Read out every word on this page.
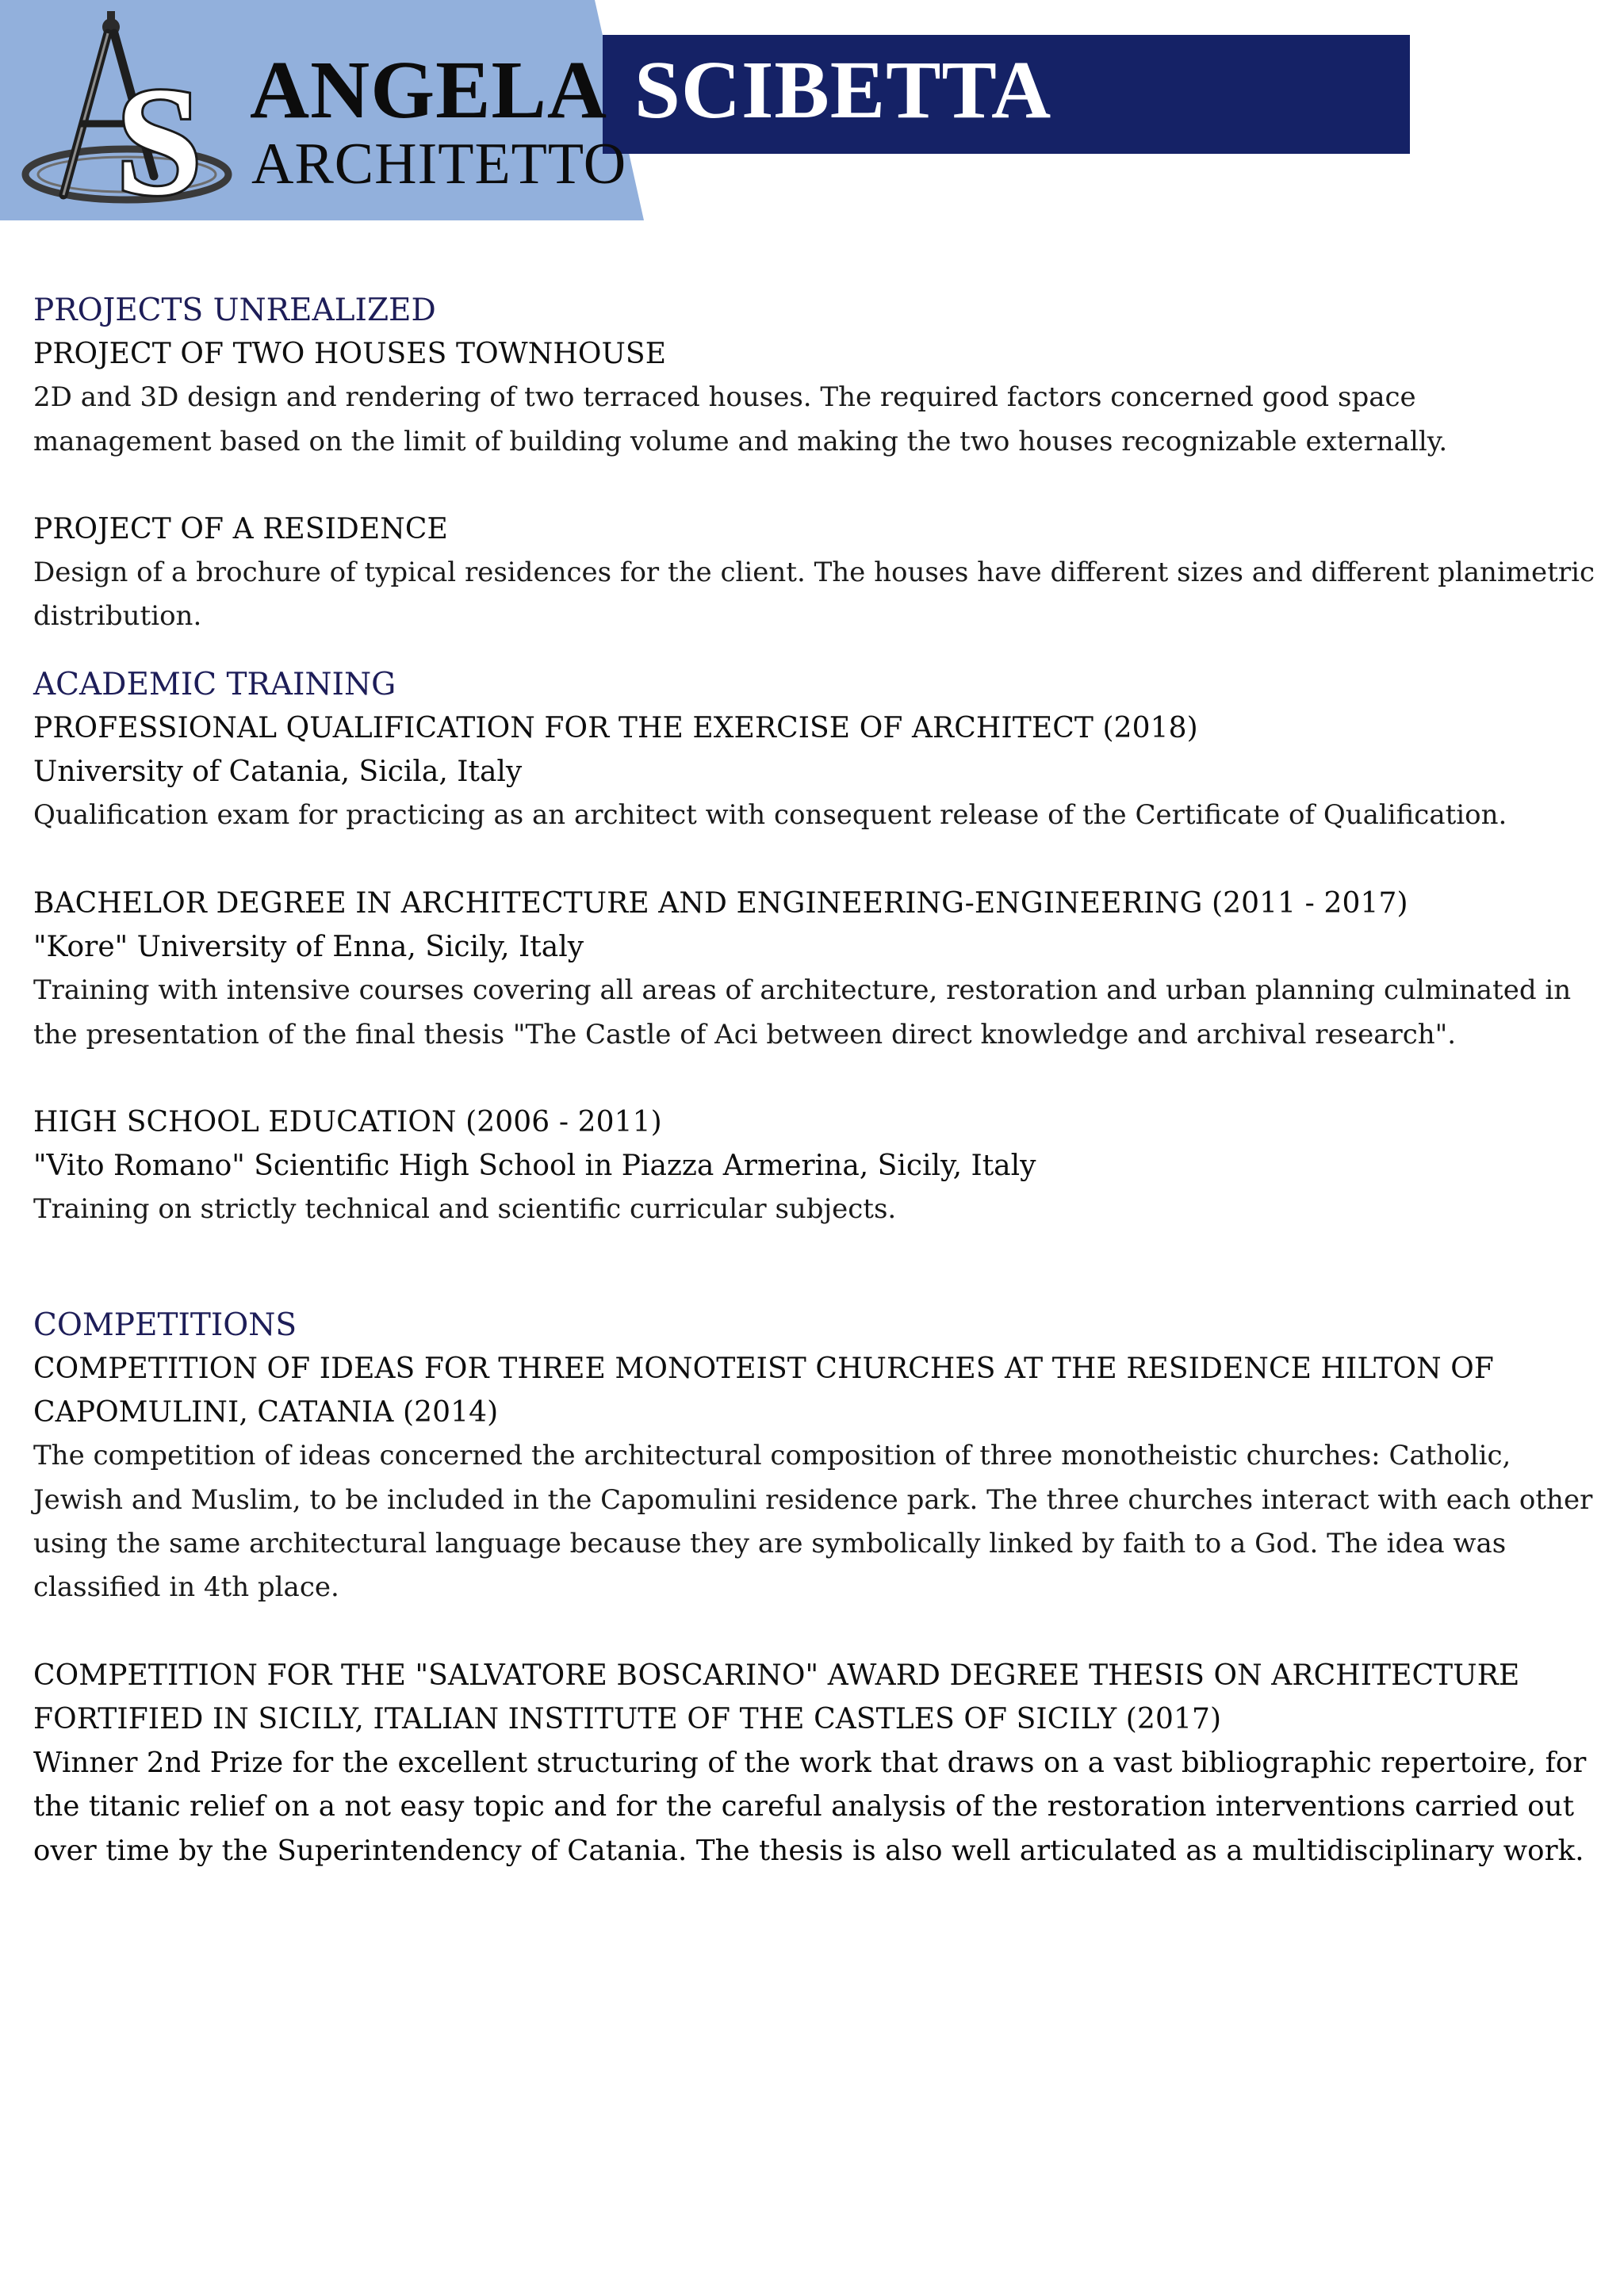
S ANGELA SCIBETTA
ARCHITETTO
PROJECTS UNREALIZED

PROJECT OF TWO HOUSES TOWNHOUSE

2D and 3D design and rendering of two terraced houses. The required factors concerned good space management based on the limit of building volume and making the two houses recognizable externally.

PROJECT OF A RESIDENCE

Design of a brochure of typical residences for the client. The houses have different sizes and different planimetric distribution.

ACADEMIC TRAINING

PROFESSIONAL QUALIFICATION FOR THE EXERCISE OF ARCHITECT (2018)

University of Catania, Sicila, Italy

Qualification exam for practicing as an architect with consequent release of the Certificate of Qualification.

BACHELOR DEGREE IN ARCHITECTURE AND ENGINEERING-ENGINEERING (2011 - 2017)

"Kore" University of Enna, Sicily, Italy

Training with intensive courses covering all areas of architecture, restoration and urban planning culminated in the presentation of the final thesis "The Castle of Aci between direct knowledge and archival research".

HIGH SCHOOL EDUCATION (2006 - 2011)

"Vito Romano" Scientific High School in Piazza Armerina, Sicily, Italy

Training on strictly technical and scientific curricular subjects.

COMPETITIONS

COMPETITION OF IDEAS FOR THREE MONOTEIST CHURCHES AT THE RESIDENCE HILTON OF CAPOMULINI, CATANIA (2014)

The competition of ideas concerned the architectural composition of three monotheistic churches: Catholic, Jewish and Muslim, to be included in the Capomulini residence park. The three churches interact with each other using the same architectural language because they are symbolically linked by faith to a God. The idea was classified in 4th place.

COMPETITION FOR THE "SALVATORE BOSCARINO" AWARD DEGREE THESIS ON ARCHITECTURE FORTIFIED IN SICILY, ITALIAN INSTITUTE OF THE CASTLES OF SICILY (2017)

Winner 2nd Prize for the excellent structuring of the work that draws on a vast bibliographic repertoire, for the titanic relief on a not easy topic and for the careful analysis of the restoration interventions carried out over time by the Superintendency of Catania. The thesis is also well articulated as a multidisciplinary work.
